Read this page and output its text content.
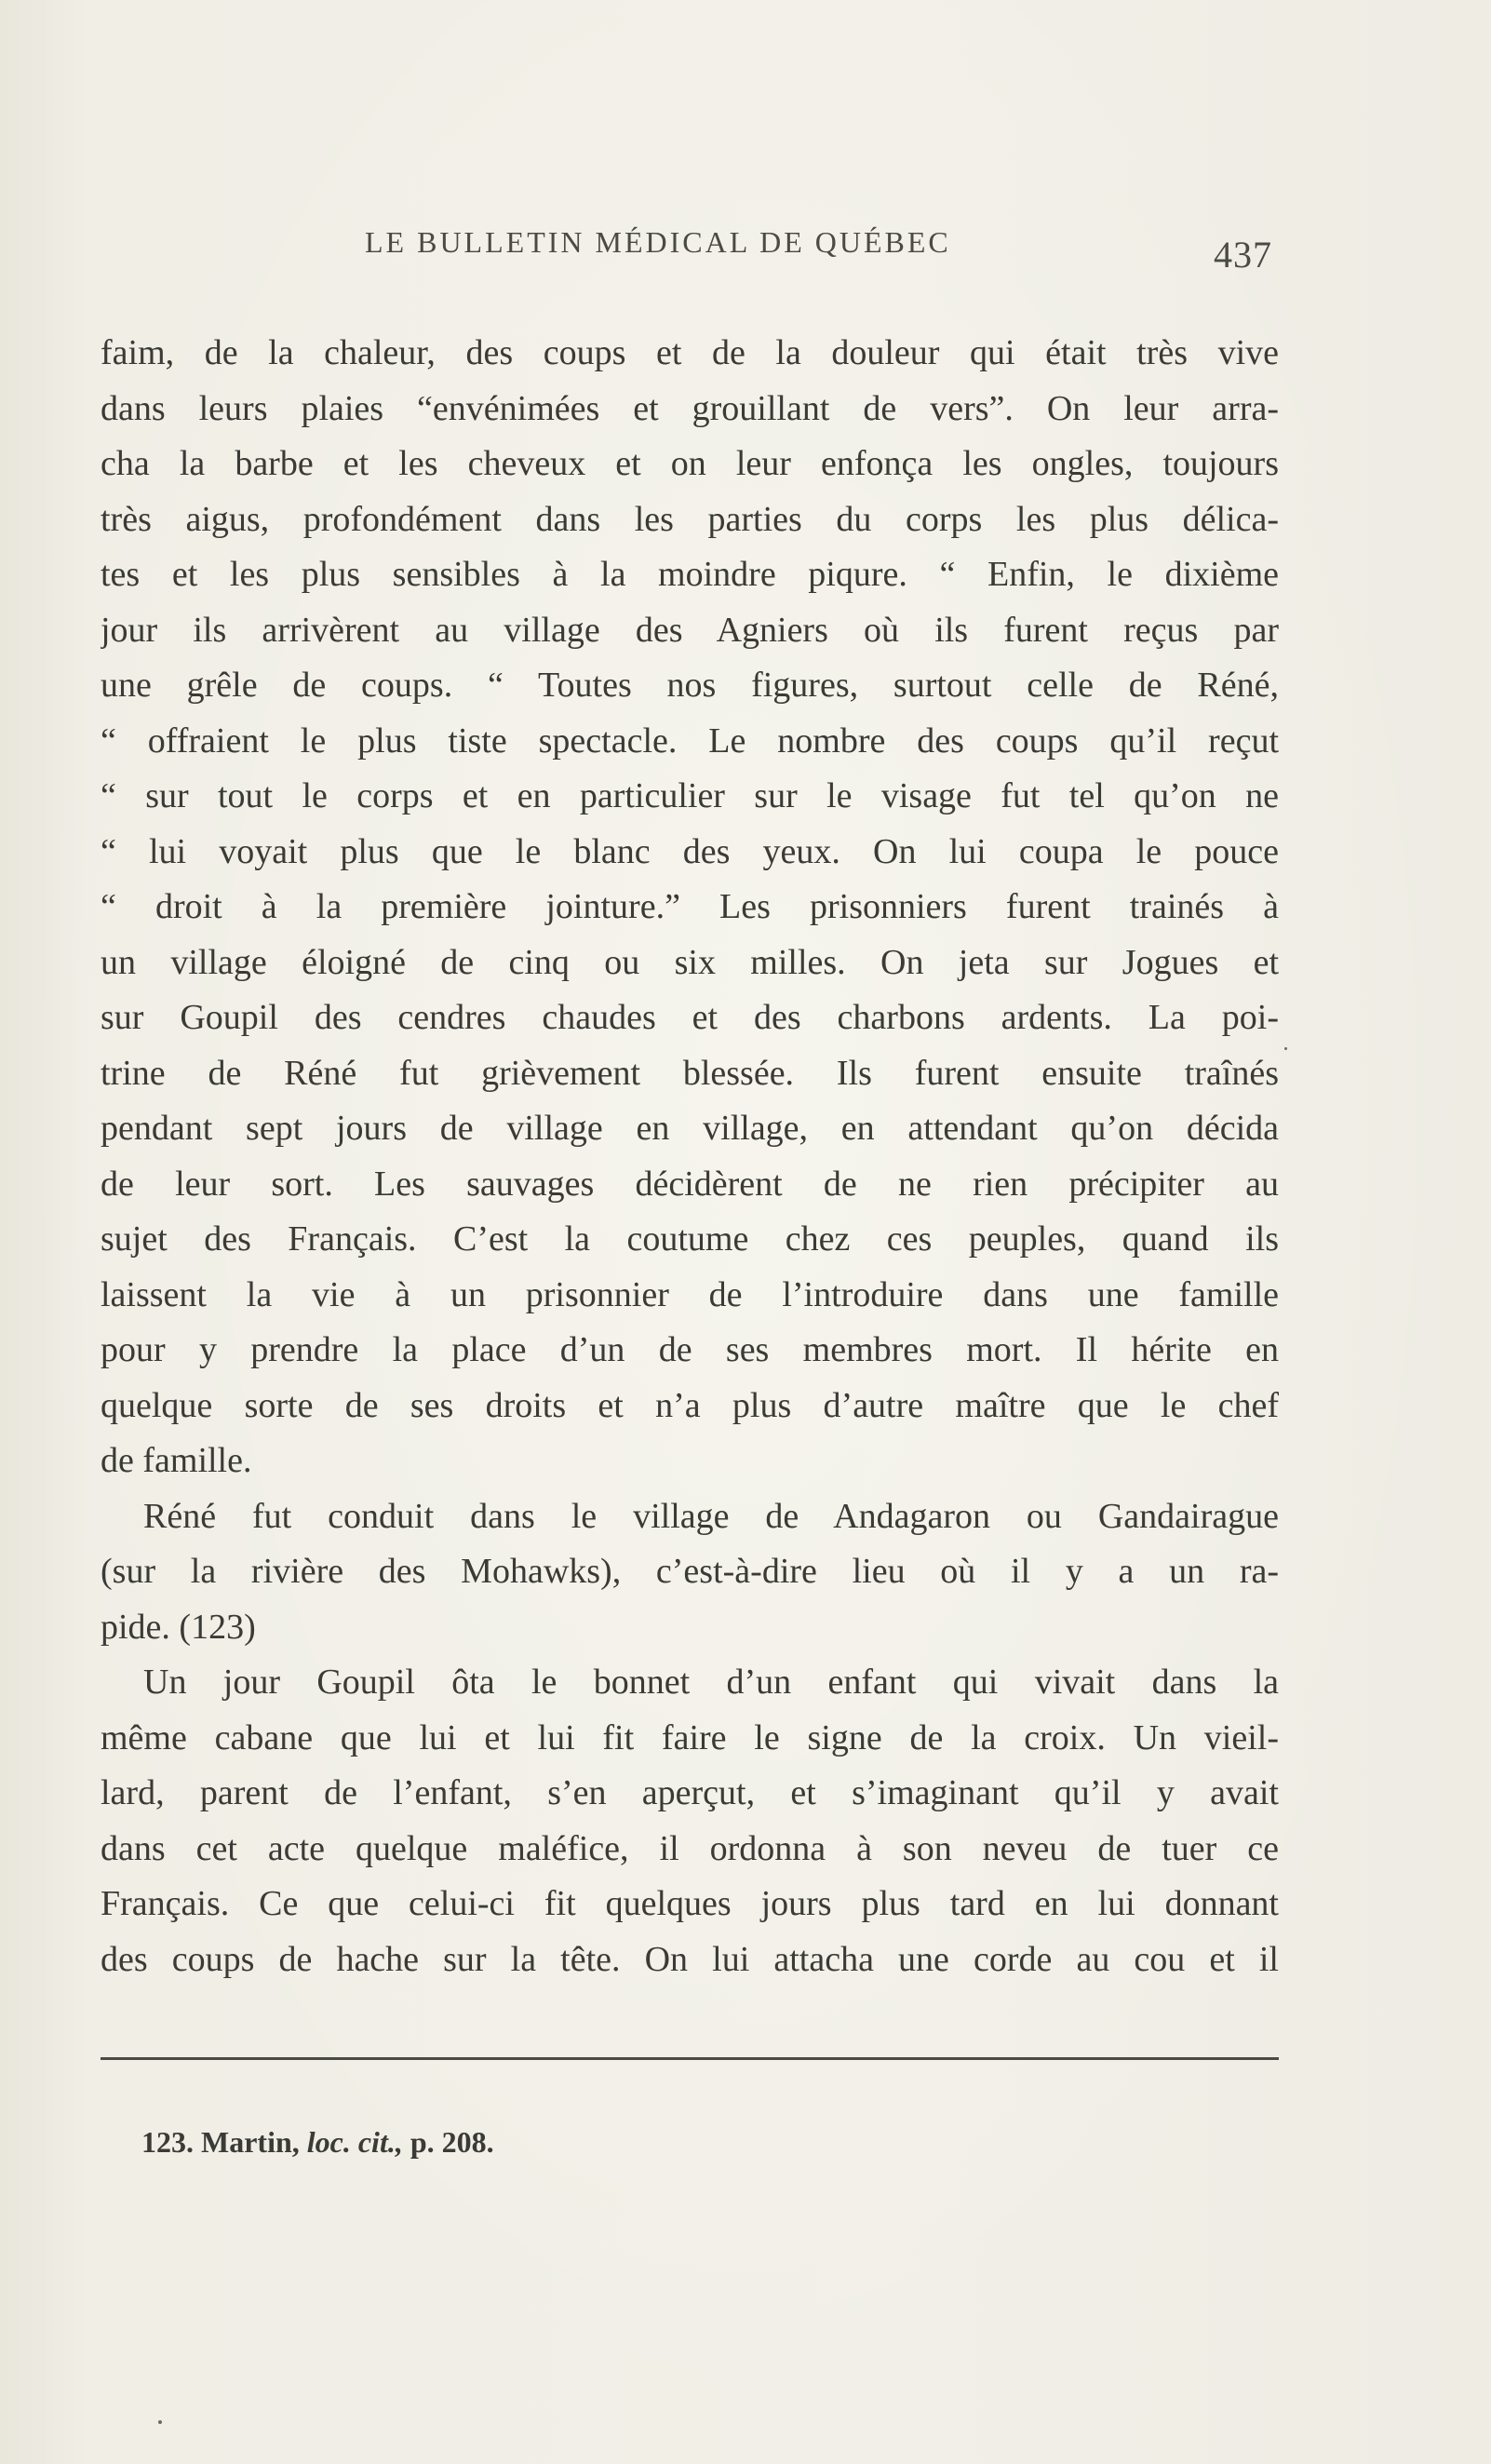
LE BULLETIN MÉDICAL DE QUÉBEC	437
faim, de la chaleur, des coups et de la douleur qui était très vive
dans leurs plaies “envénimées et grouillant de vers”. On leur arra-
cha la barbe et les cheveux et on leur enfonça les ongles, toujours
très aigus, profondément dans les parties du corps les plus délica-
tes et les plus sensibles à la moindre piqure. “ Enfin, le dixième
jour ils arrivèrent au village des Agniers où ils furent reçus par
une grêle de coups. “ Toutes nos figures, surtout celle de Réné,
“ offraient le plus tiste spectacle. Le nombre des coups qu’il reçut
“ sur tout le corps et en particulier sur le visage fut tel qu’on ne
“ lui voyait plus que le blanc des yeux. On lui coupa le pouce
“ droit à la première jointure.” Les prisonniers furent trainés à
un village éloigné de cinq ou six milles. On jeta sur Jogues et
sur Goupil des cendres chaudes et des charbons ardents. La poi-
trine de Réné fut grièvement blessée. Ils furent ensuite traînés
pendant sept jours de village en village, en attendant qu’on décida
de leur sort. Les sauvages décidèrent de ne rien précipiter au
sujet des Français. C’est la coutume chez ces peuples, quand ils
laissent la vie à un prisonnier de l’introduire dans une famille
pour y prendre la place d’un de ses membres mort. Il hérite en
quelque sorte de ses droits et n’a plus d’autre maître que le chef
de famille.
Réné fut conduit dans le village de Andagaron ou Gandairague
(sur la rivière des Mohawks), c’est-à-dire lieu où il y a un ra-
pide. (123)
Un jour Goupil ôta le bonnet d’un enfant qui vivait dans la
même cabane que lui et lui fit faire le signe de la croix. Un vieil-
lard, parent de l’enfant, s’en aperçut, et s’imaginant qu’il y avait
dans cet acte quelque maléfice, il ordonna à son neveu de tuer ce
Français. Ce que celui-ci fit quelques jours plus tard en lui donnant
des coups de hache sur la tête. On lui attacha une corde au cou et il
123. Martin, loc. cit., p. 208.
